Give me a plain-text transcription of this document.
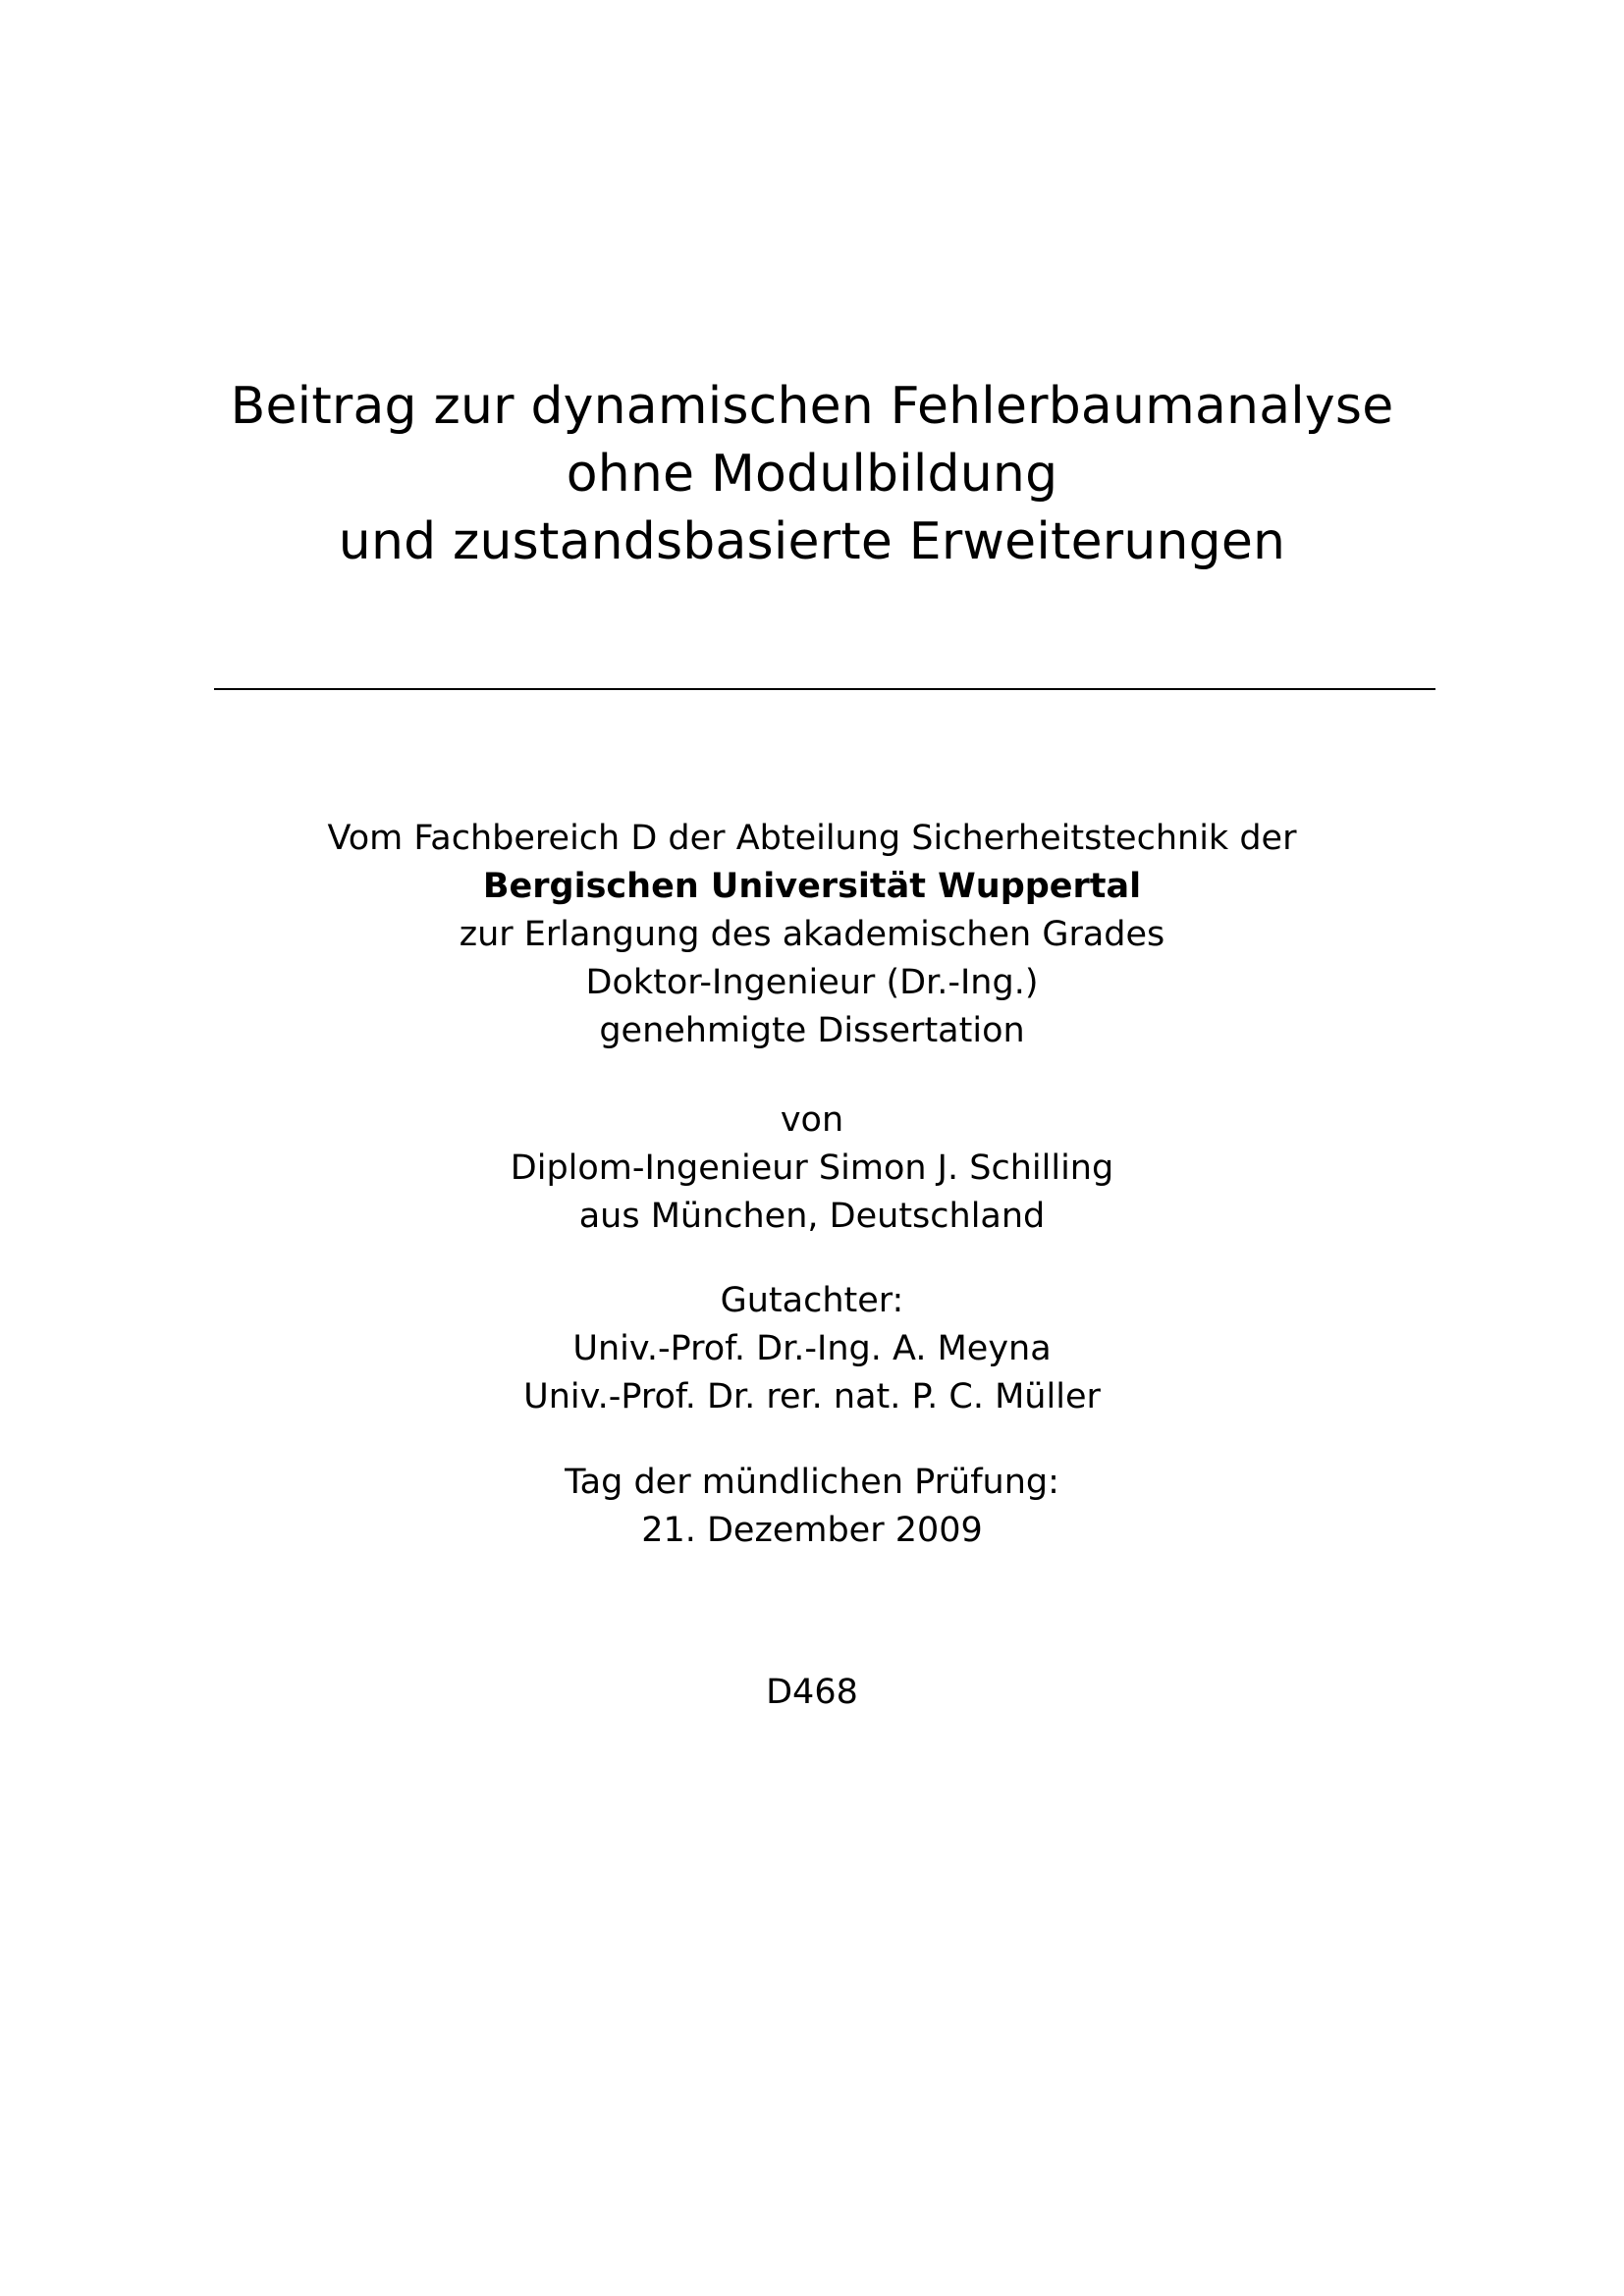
Beitrag zur dynamischen Fehlerbaumanalyse
ohne Modulbildung
und zustandsbasierte Erweiterungen
Vom Fachbereich D der Abteilung Sicherheitstechnik der
Bergischen Universität Wuppertal
zur Erlangung des akademischen Grades
Doktor-Ingenieur (Dr.-Ing.)
genehmigte Dissertation
von
Diplom-Ingenieur Simon J. Schilling
aus München, Deutschland
Gutachter:
Univ.-Prof. Dr.-Ing. A. Meyna
Univ.-Prof. Dr. rer. nat. P. C. Müller
Tag der mündlichen Prüfung:
21. Dezember 2009
D468
